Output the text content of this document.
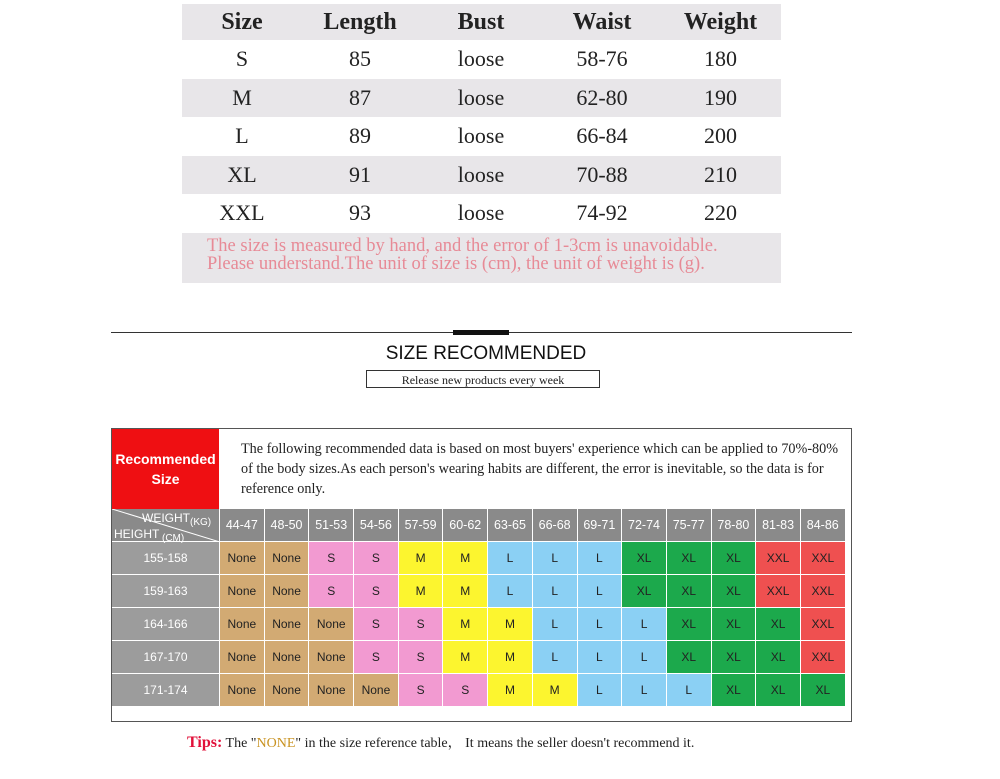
Size	Length	Bust	Waist	Weight
S	85	loose	58-76	180
M	87	loose	62-80	190
L	89	loose	66-84	200
XL	91	loose	70-88	210
XXL	93	loose	74-92	220
The size is measured by hand, and the error of 1-3cm is unavoidable.
Please understand.The unit of size is (cm), the unit of weight is (g).
SIZE RECOMMENDED
Release new products every week
Recommended
Size
The following recommended data is based on most buyers' experience which can be applied to 70%-80% of the body sizes.As each person's wearing habits are different, the error is inevitable, so the data is for reference only.
WEIGHT (KG)
HEIGHT (CM)
44-47	48-50	51-53	54-56	57-59	60-62	63-65	66-68	69-71	72-74	75-77	78-80	81-83	84-86
155-158	None	None	S	S	M	M	L	L	L	XL	XL	XL	XXL	XXL
159-163	None	None	S	S	M	M	L	L	L	XL	XL	XL	XXL	XXL
164-166	None	None	None	S	S	M	M	L	L	L	XL	XL	XL	XXL
167-170	None	None	None	S	S	M	M	L	L	L	XL	XL	XL	XXL
171-174	None	None	None	None	S	S	M	M	L	L	L	XL	XL	XL
Tips: The "NONE" in the size reference table， It means the seller doesn't recommend it.
